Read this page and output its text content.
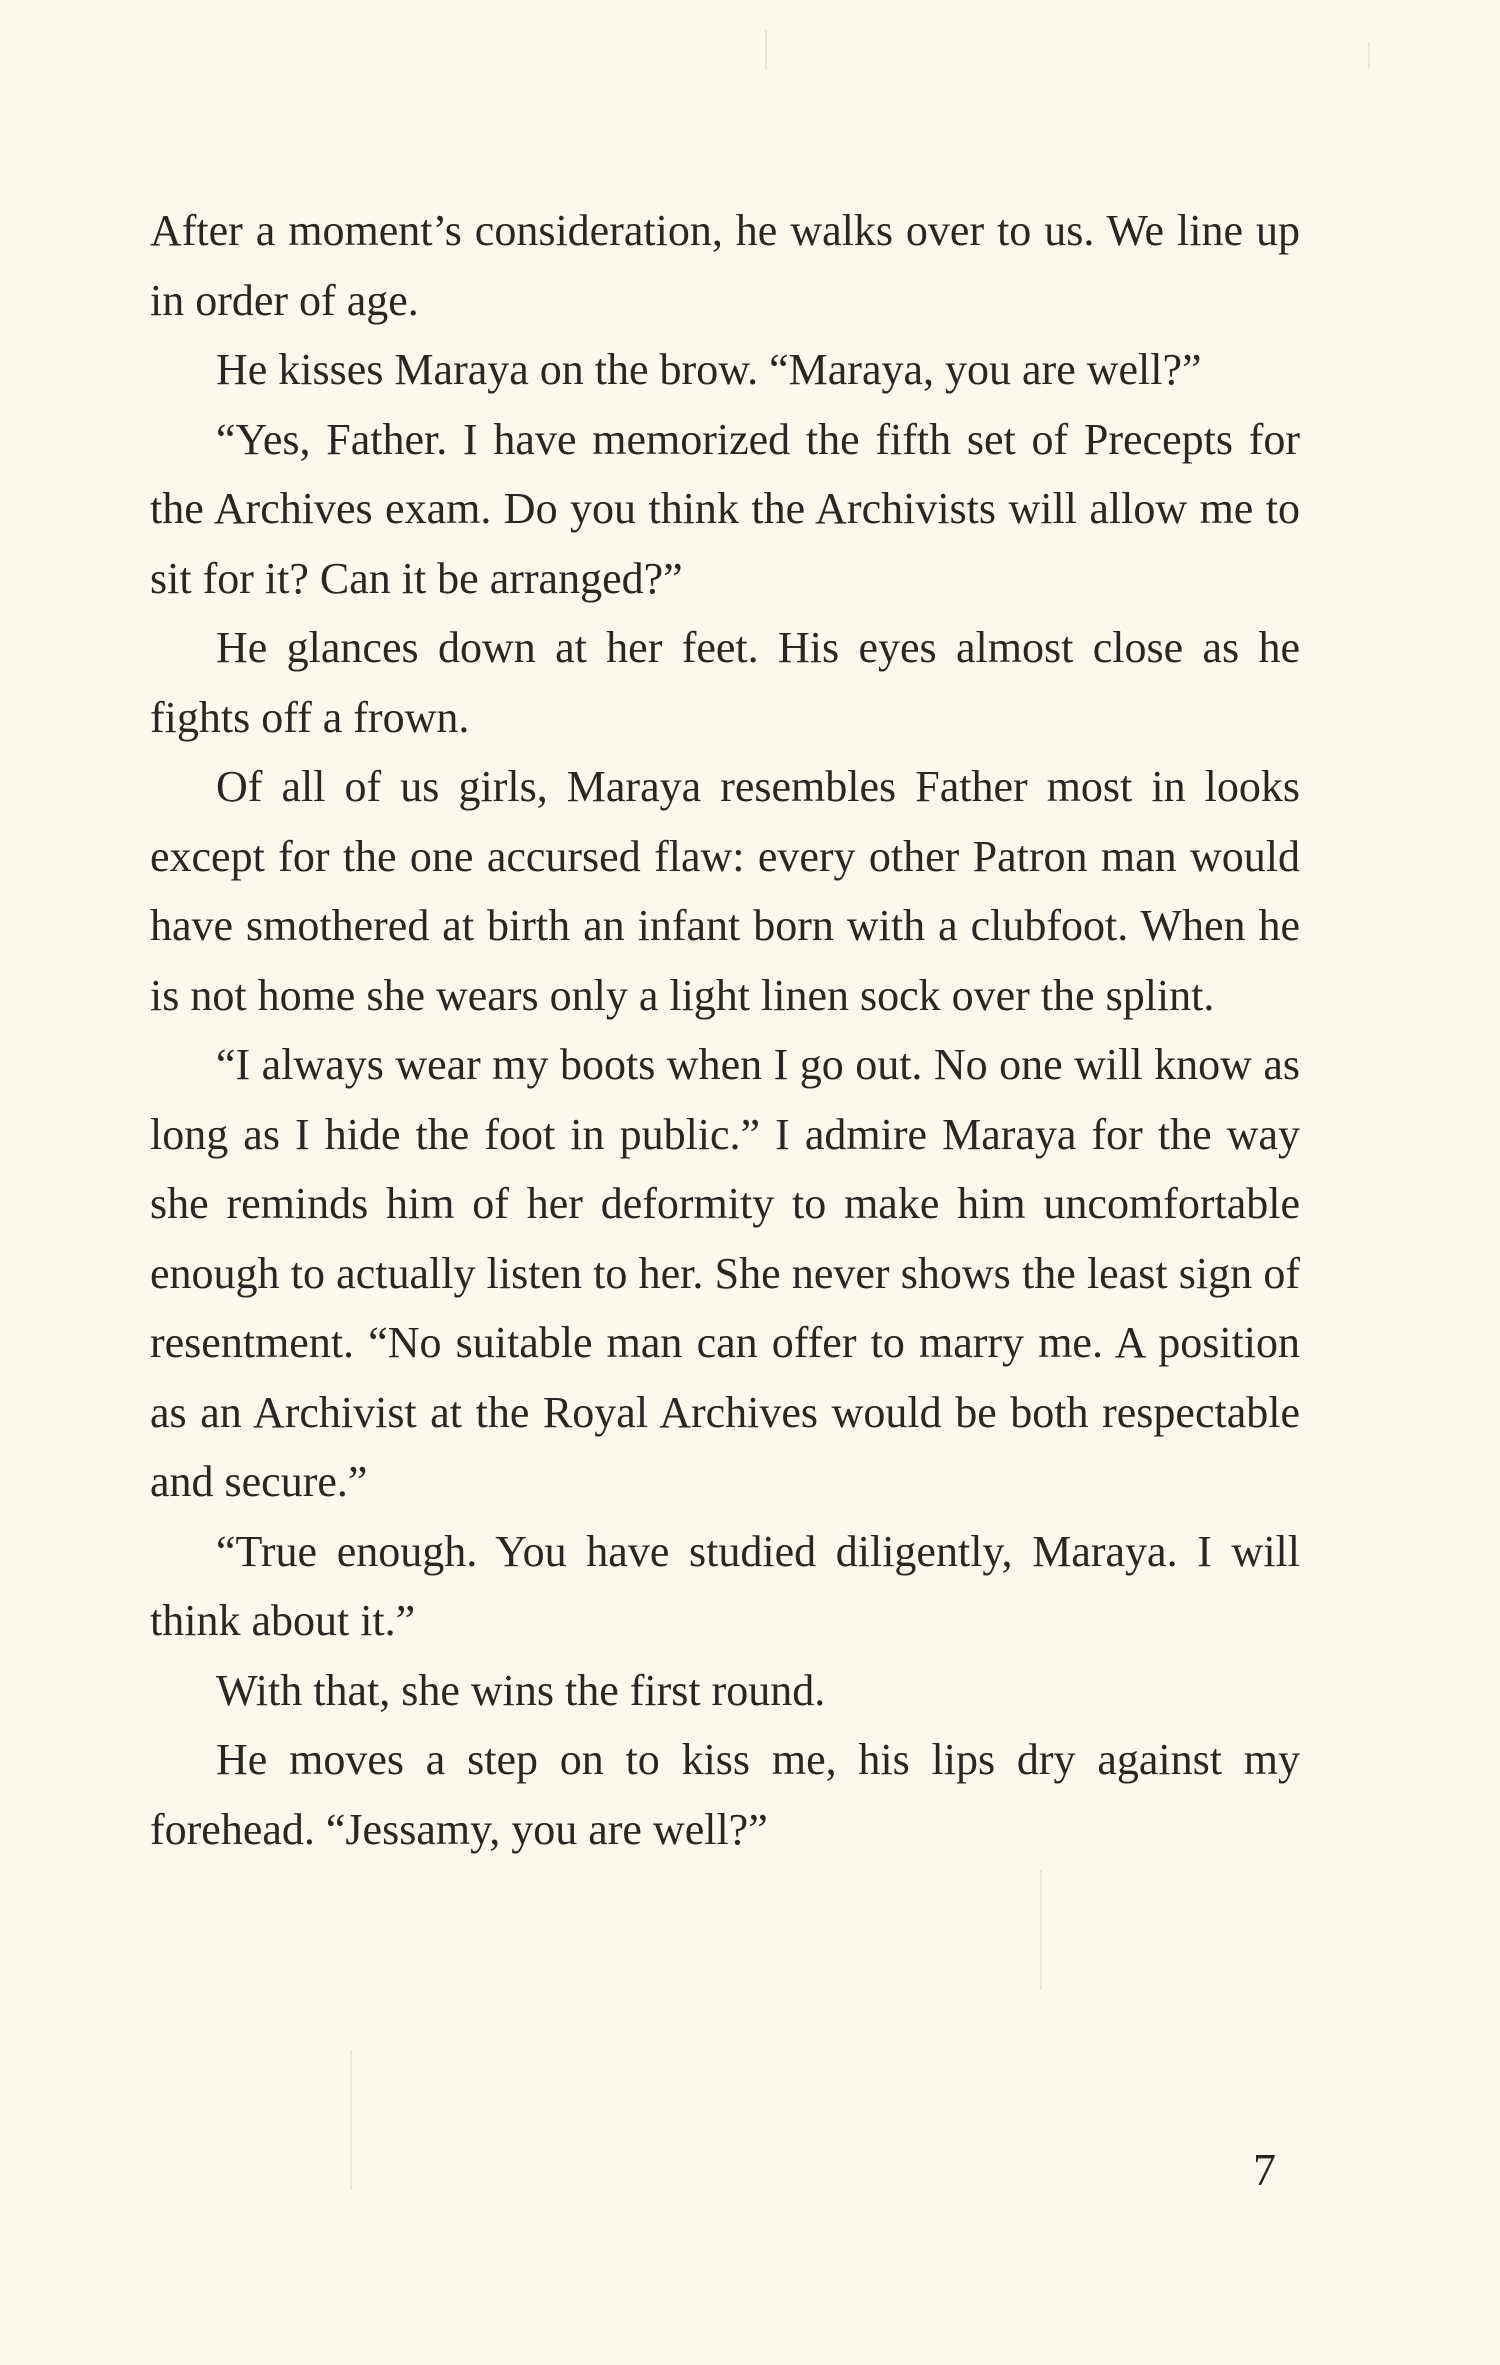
After a moment’s consideration, he walks over to us. We line up in order of age.

He kisses Maraya on the brow. “Maraya, you are well?”

“Yes, Father. I have memorized the fifth set of Precepts for the Archives exam. Do you think the Archivists will allow me to sit for it? Can it be arranged?”

He glances down at her feet. His eyes almost close as he fights off a frown.

Of all of us girls, Maraya resembles Father most in looks except for the one accursed flaw: every other Patron man would have smothered at birth an infant born with a clubfoot. When he is not home she wears only a light linen sock over the splint.

“I always wear my boots when I go out. No one will know as long as I hide the foot in public.” I admire Maraya for the way she reminds him of her deformity to make him uncomfortable enough to actually listen to her. She never shows the least sign of resentment. “No suitable man can offer to marry me. A position as an Archivist at the Royal Archives would be both respectable and secure.”

“True enough. You have studied diligently, Maraya. I will think about it.”

With that, she wins the first round.

He moves a step on to kiss me, his lips dry against my forehead. “Jessamy, you are well?”

7
